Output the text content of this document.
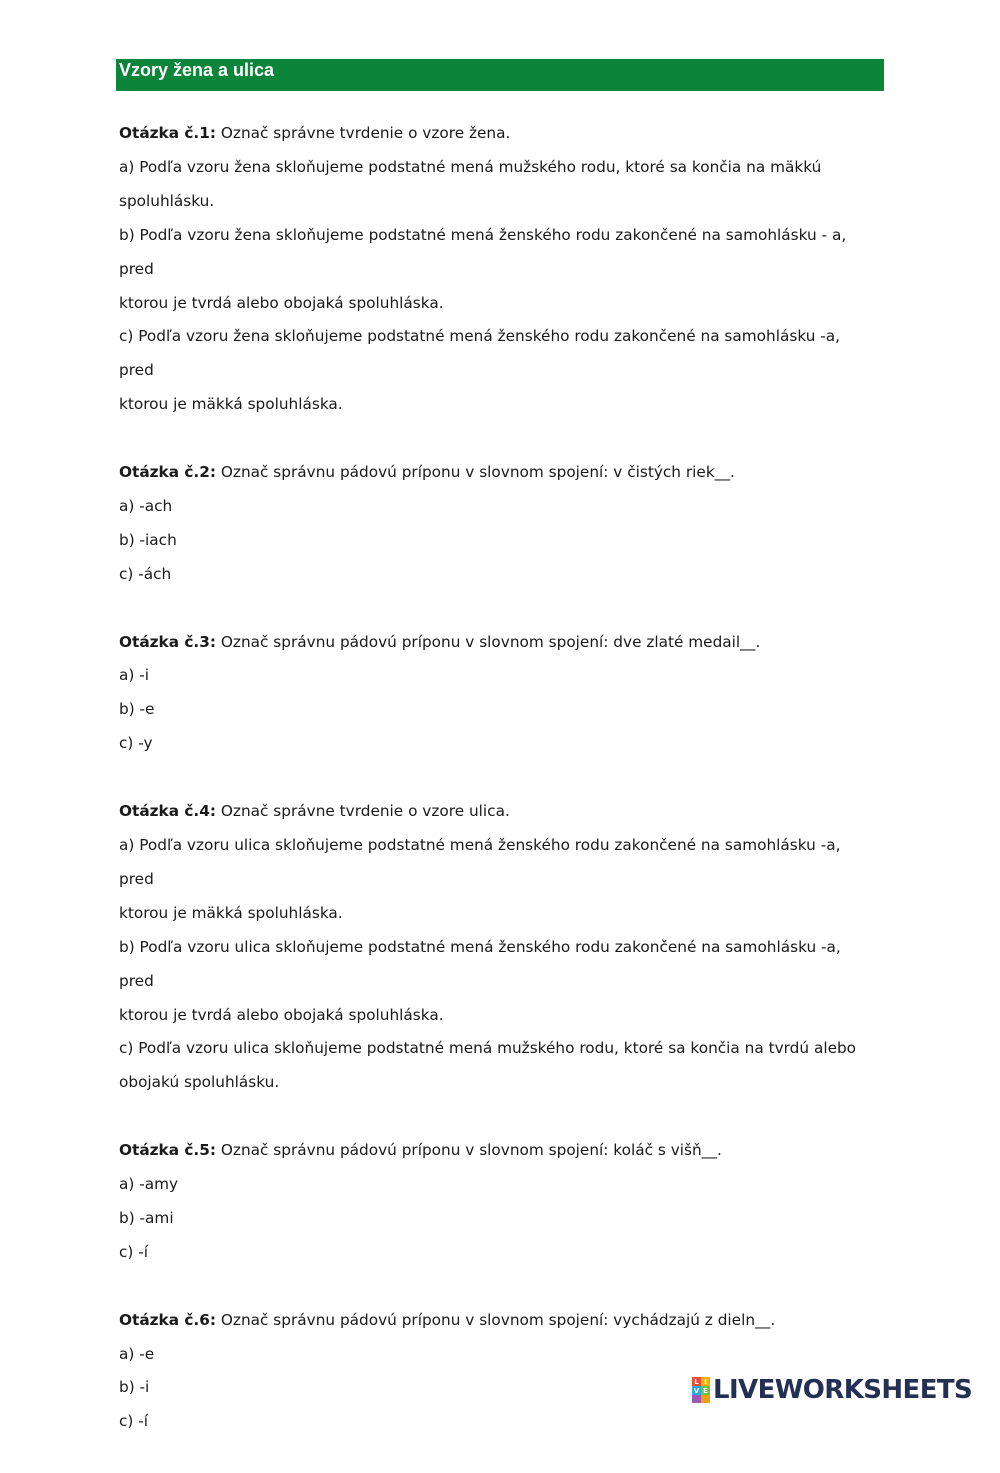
Vzory žena a ulica

Otázka č.1: Označ správne tvrdenie o vzore žena.

a) Podľa vzoru žena skloňujeme podstatné mená mužského rodu, ktoré sa končia na mäkkú

spoluhlásku.

b) Podľa vzoru žena skloňujeme podstatné mená ženského rodu zakončené na samohlásku - a, pred

ktorou je tvrdá alebo obojaká spoluhláska.

c) Podľa vzoru žena skloňujeme podstatné mená ženského rodu zakončené na samohlásku -a, pred

ktorou je mäkká spoluhláska.

Otázka č.2: Označ správnu pádovú príponu v slovnom spojení: v čistých riek__.

a) -ach

b) -iach

c) -ách

Otázka č.3: Označ správnu pádovú príponu v slovnom spojení: dve zlaté medail__.

a) -i

b) -e

c) -y

Otázka č.4: Označ správne tvrdenie o vzore ulica.

a) Podľa vzoru ulica skloňujeme podstatné mená ženského rodu zakončené na samohlásku -a, pred

ktorou je mäkká spoluhláska.

b) Podľa vzoru ulica skloňujeme podstatné mená ženského rodu zakončené na samohlásku -a, pred

ktorou je tvrdá alebo obojaká spoluhláska.

c) Podľa vzoru ulica skloňujeme podstatné mená mužského rodu, ktoré sa končia na tvrdú alebo

obojakú spoluhlásku.

Otázka č.5: Označ správnu pádovú príponu v slovnom spojení: koláč s višň__.

a) -amy

b) -ami

c) -í

Otázka č.6: Označ správnu pádovú príponu v slovnom spojení: vychádzajú z dieln__.

a) -e

b) -i

c) -í

L I
V E LIVEWORKSHEETS
